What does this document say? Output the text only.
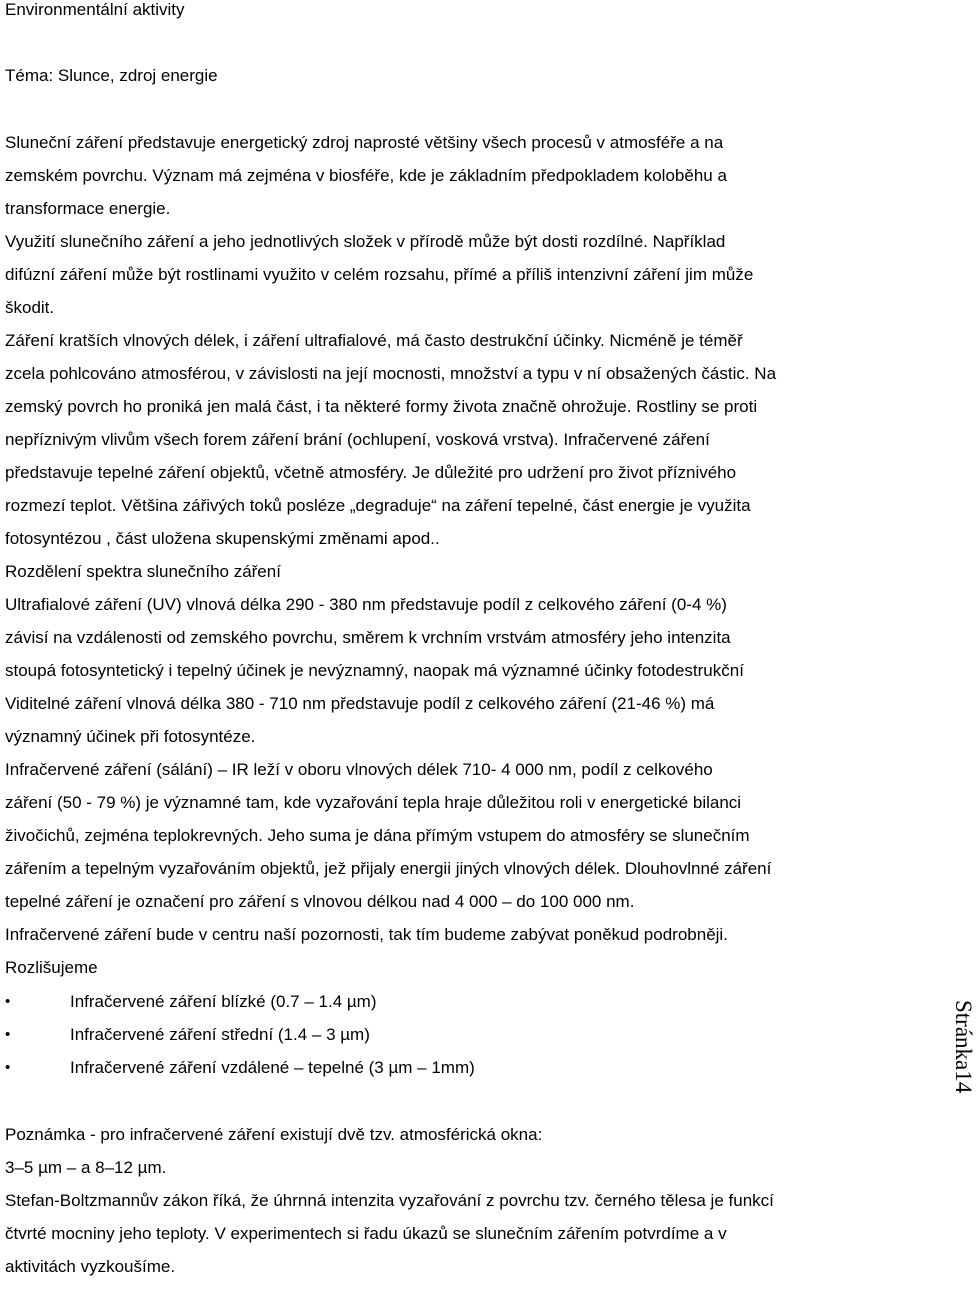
Environmentální aktivity
Téma: Slunce, zdroj energie
Sluneční záření představuje energetický zdroj naprosté většiny všech procesů v atmosféře a na
zemském povrchu. Význam má zejména v biosféře, kde je základním předpokladem koloběhu a
transformace energie.
Využití slunečního záření a jeho jednotlivých složek v přírodě může být dosti rozdílné. Například
difúzní záření může být rostlinami využito v celém rozsahu, přímé a příliš intenzivní záření jim může
škodit.
Záření kratších vlnových délek, i záření ultrafialové, má často destrukční účinky. Nicméně je téměř
zcela pohlcováno atmosférou, v závislosti na její mocnosti, množství a typu v ní obsažených částic. Na
zemský povrch ho proniká jen malá část, i ta některé formy života značně ohrožuje. Rostliny se proti
nepříznivým vlivům všech forem záření brání (ochlupení, vosková vrstva). Infračervené záření
představuje tepelné záření objektů, včetně atmosféry. Je důležité pro udržení pro život příznivého
rozmezí teplot. Většina zářivých toků posléze „degraduje“ na záření tepelné, část energie je využita
fotosyntézou , část uložena skupenskými změnami apod..
Rozdělení spektra slunečního záření
Ultrafialové záření (UV) vlnová délka 290 - 380 nm představuje podíl z celkového záření (0-4 %)
závisí na vzdálenosti od zemského povrchu, směrem k vrchním vrstvám atmosféry jeho intenzita
stoupá fotosyntetický i tepelný účinek je nevýznamný, naopak má významné účinky fotodestrukční
Viditelné záření vlnová délka 380 - 710 nm představuje podíl z celkového záření (21-46 %) má
významný účinek při fotosyntéze.
Infračervené záření (sálání) – IR leží v oboru vlnových délek 710- 4 000 nm, podíl z celkového
záření (50 - 79 %) je významné tam, kde vyzařování tepla hraje důležitou roli v energetické bilanci
živočichů, zejména teplokrevných. Jeho suma je dána přímým vstupem do atmosféry se slunečním
zářením a tepelným vyzařováním objektů, jež přijaly energii jiných vlnových délek. Dlouhovlnné záření
tepelné záření je označení pro záření s vlnovou délkou nad 4 000 – do 100 000 nm.
Infračervené záření bude v centru naší pozornosti, tak tím budeme zabývat poněkud podrobněji.
Rozlišujeme
•	Infračervené záření blízké (0.7 – 1.4 µm)
•	Infračervené záření střední (1.4 – 3 µm)
•	Infračervené záření vzdálené – tepelné (3 µm – 1mm)
Poznámka - pro infračervené záření existují dvě tzv. atmosférická okna:
3–5 µm – a 8–12 µm.
Stefan-Boltzmannův zákon říká, že úhrnná intenzita vyzařování z povrchu tzv. černého tělesa je funkcí
čtvrté mocniny jeho teploty. V experimentech si řadu úkazů se slunečním zářením potvrdíme a v
aktivitách vyzkoušíme.
Stránka14
